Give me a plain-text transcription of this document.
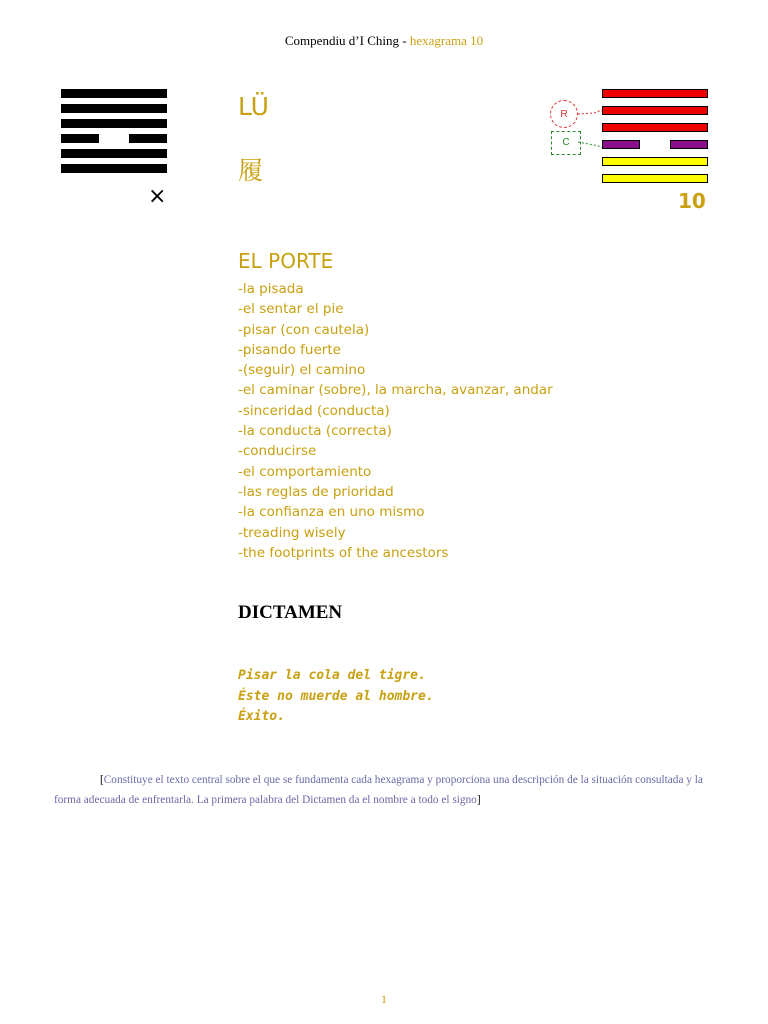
Compendiu d’I Ching - hexagrama 10
×
LÜ
履
R
C
10
EL PORTE
-la pisada
-el sentar el pie
-pisar (con cautela)
-pisando fuerte
-(seguir) el camino
-el caminar (sobre), la marcha, avanzar, andar
-sinceridad (conducta)
-la conducta (correcta)
-conducirse
-el comportamiento
-las reglas de prioridad
-la confianza en uno mismo
-treading wisely
-the footprints of the ancestors
DICTAMEN
Pisar la cola del tigre.
Éste no muerde al hombre.
Éxito.
[Constituye el texto central sobre el que se fundamenta cada hexagrama y proporciona una descripción de la situación consultada y la forma adecuada de enfrentarla. La primera palabra del Dictamen da el nombre a todo el signo]
1
